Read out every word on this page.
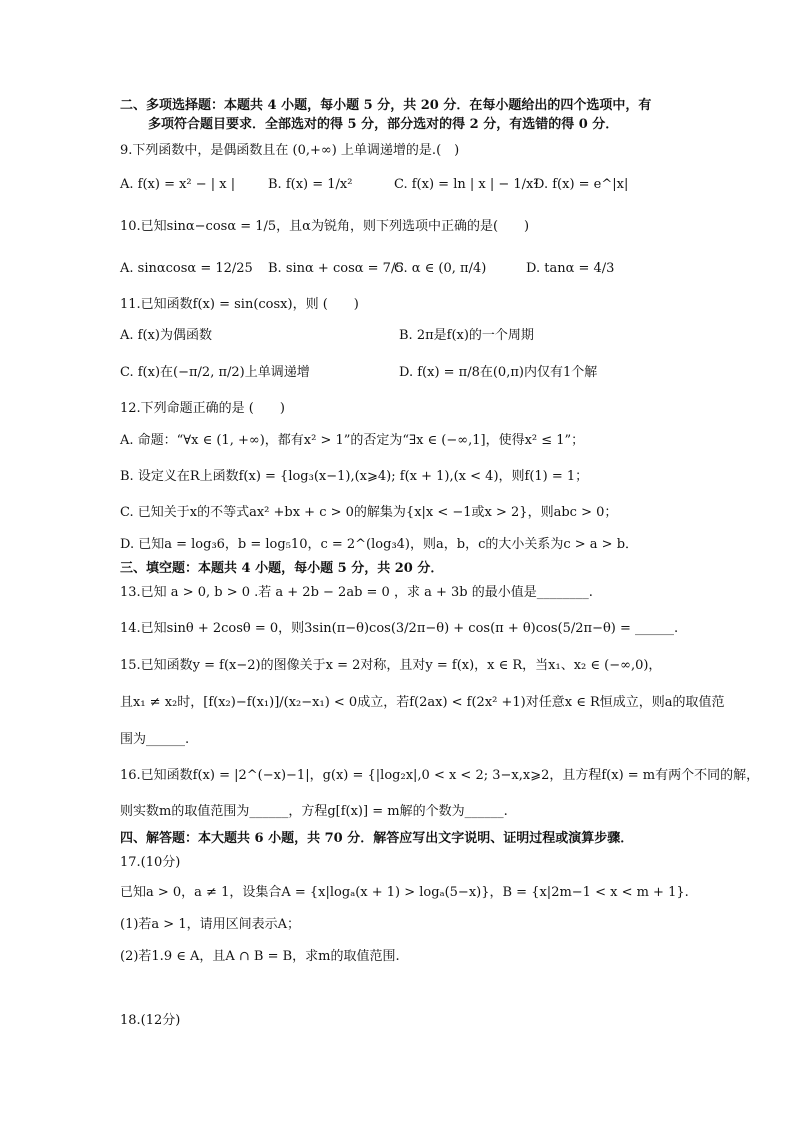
二、多项选择题：本题共 4 小题，每小题 5 分，共 20 分．在每小题给出的四个选项中，有
多项符合题目要求．全部选对的得 5 分，部分选对的得 2 分，有选错的得 0 分．
9.下列函数中，是偶函数且在 (0,+∞) 上单调递增的是.(　)
A. f(x) = x² − | x |	B. f(x) = 1/x²	C. f(x) = ln | x | − 1/x²
D. f(x) = e^|x|
10.已知sinα−cosα = 1/5，且α为锐角，则下列选项中正确的是(　　)
A. sinαcosα = 12/25 B. sinα + cosα = 7/5
C. α ∈ (0, π/4)	D. tanα = 4/3
11.已知函数f(x) = sin(cosx)，则 (　　)
A. f(x)为偶函数	B. 2π是f(x)的一个周期
C. f(x)在(−π/2, π/2)上单调递增	D. f(x) = π/8在(0,π)内仅有1个解
12.下列命题正确的是 (　　)
A. 命题：“∀x ∈ (1, +∞)，都有x² > 1”的否定为“∃x ∈ (−∞,1]，使得x² ≤ 1”；
B. 设定义在R上函数f(x) = {log₃(x−1),(x⩾4); f(x + 1),(x < 4)，则f(1) = 1；
C. 已知关于x的不等式ax² +bx + c > 0的解集为{x|x < −1或x > 2}，则abc > 0；
D. 已知a = log₃6，b = log₅10，c = 2^(log₃4)，则a，b，c的大小关系为c > a > b．
三、填空题：本题共 4 小题，每小题 5 分，共 20 分．
13.已知 a > 0, b > 0 .若 a + 2b − 2ab = 0 ，求 a + 3b 的最小值是________.
14.已知sinθ + 2cosθ = 0，则3sin(π−θ)cos(3/2π−θ) + cos(π + θ)cos(5/2π−θ) = ______.
15.已知函数y = f(x−2)的图像关于x = 2对称，且对y = f(x)，x ∈ R，当x₁、x₂ ∈ (−∞,0)，
且x₁ ≠ x₂时，[f(x₂)−f(x₁)]/(x₂−x₁) < 0成立，若f(2ax) < f(2x² +1)对任意x ∈ R恒成立，则a的取值范
围为______.
16.已知函数f(x) = |2^(−x)−1|，g(x) = {|log₂x|,0 < x < 2; 3−x,x⩾2，且方程f(x) = m有两个不同的解，
则实数m的取值范围为______，方程g[f(x)] = m解的个数为______.
四、解答题：本大题共 6 小题，共 70 分．解答应写出文字说明、证明过程或演算步骤．
17.(10分)
已知a > 0，a ≠ 1，设集合A = {x|logₐ(x + 1) > logₐ(5−x)}，B = {x|2m−1 < x < m + 1}.
(1)若a > 1，请用区间表示A；
(2)若1.9 ∈ A，且A ∩ B = B，求m的取值范围.
18.(12分)
